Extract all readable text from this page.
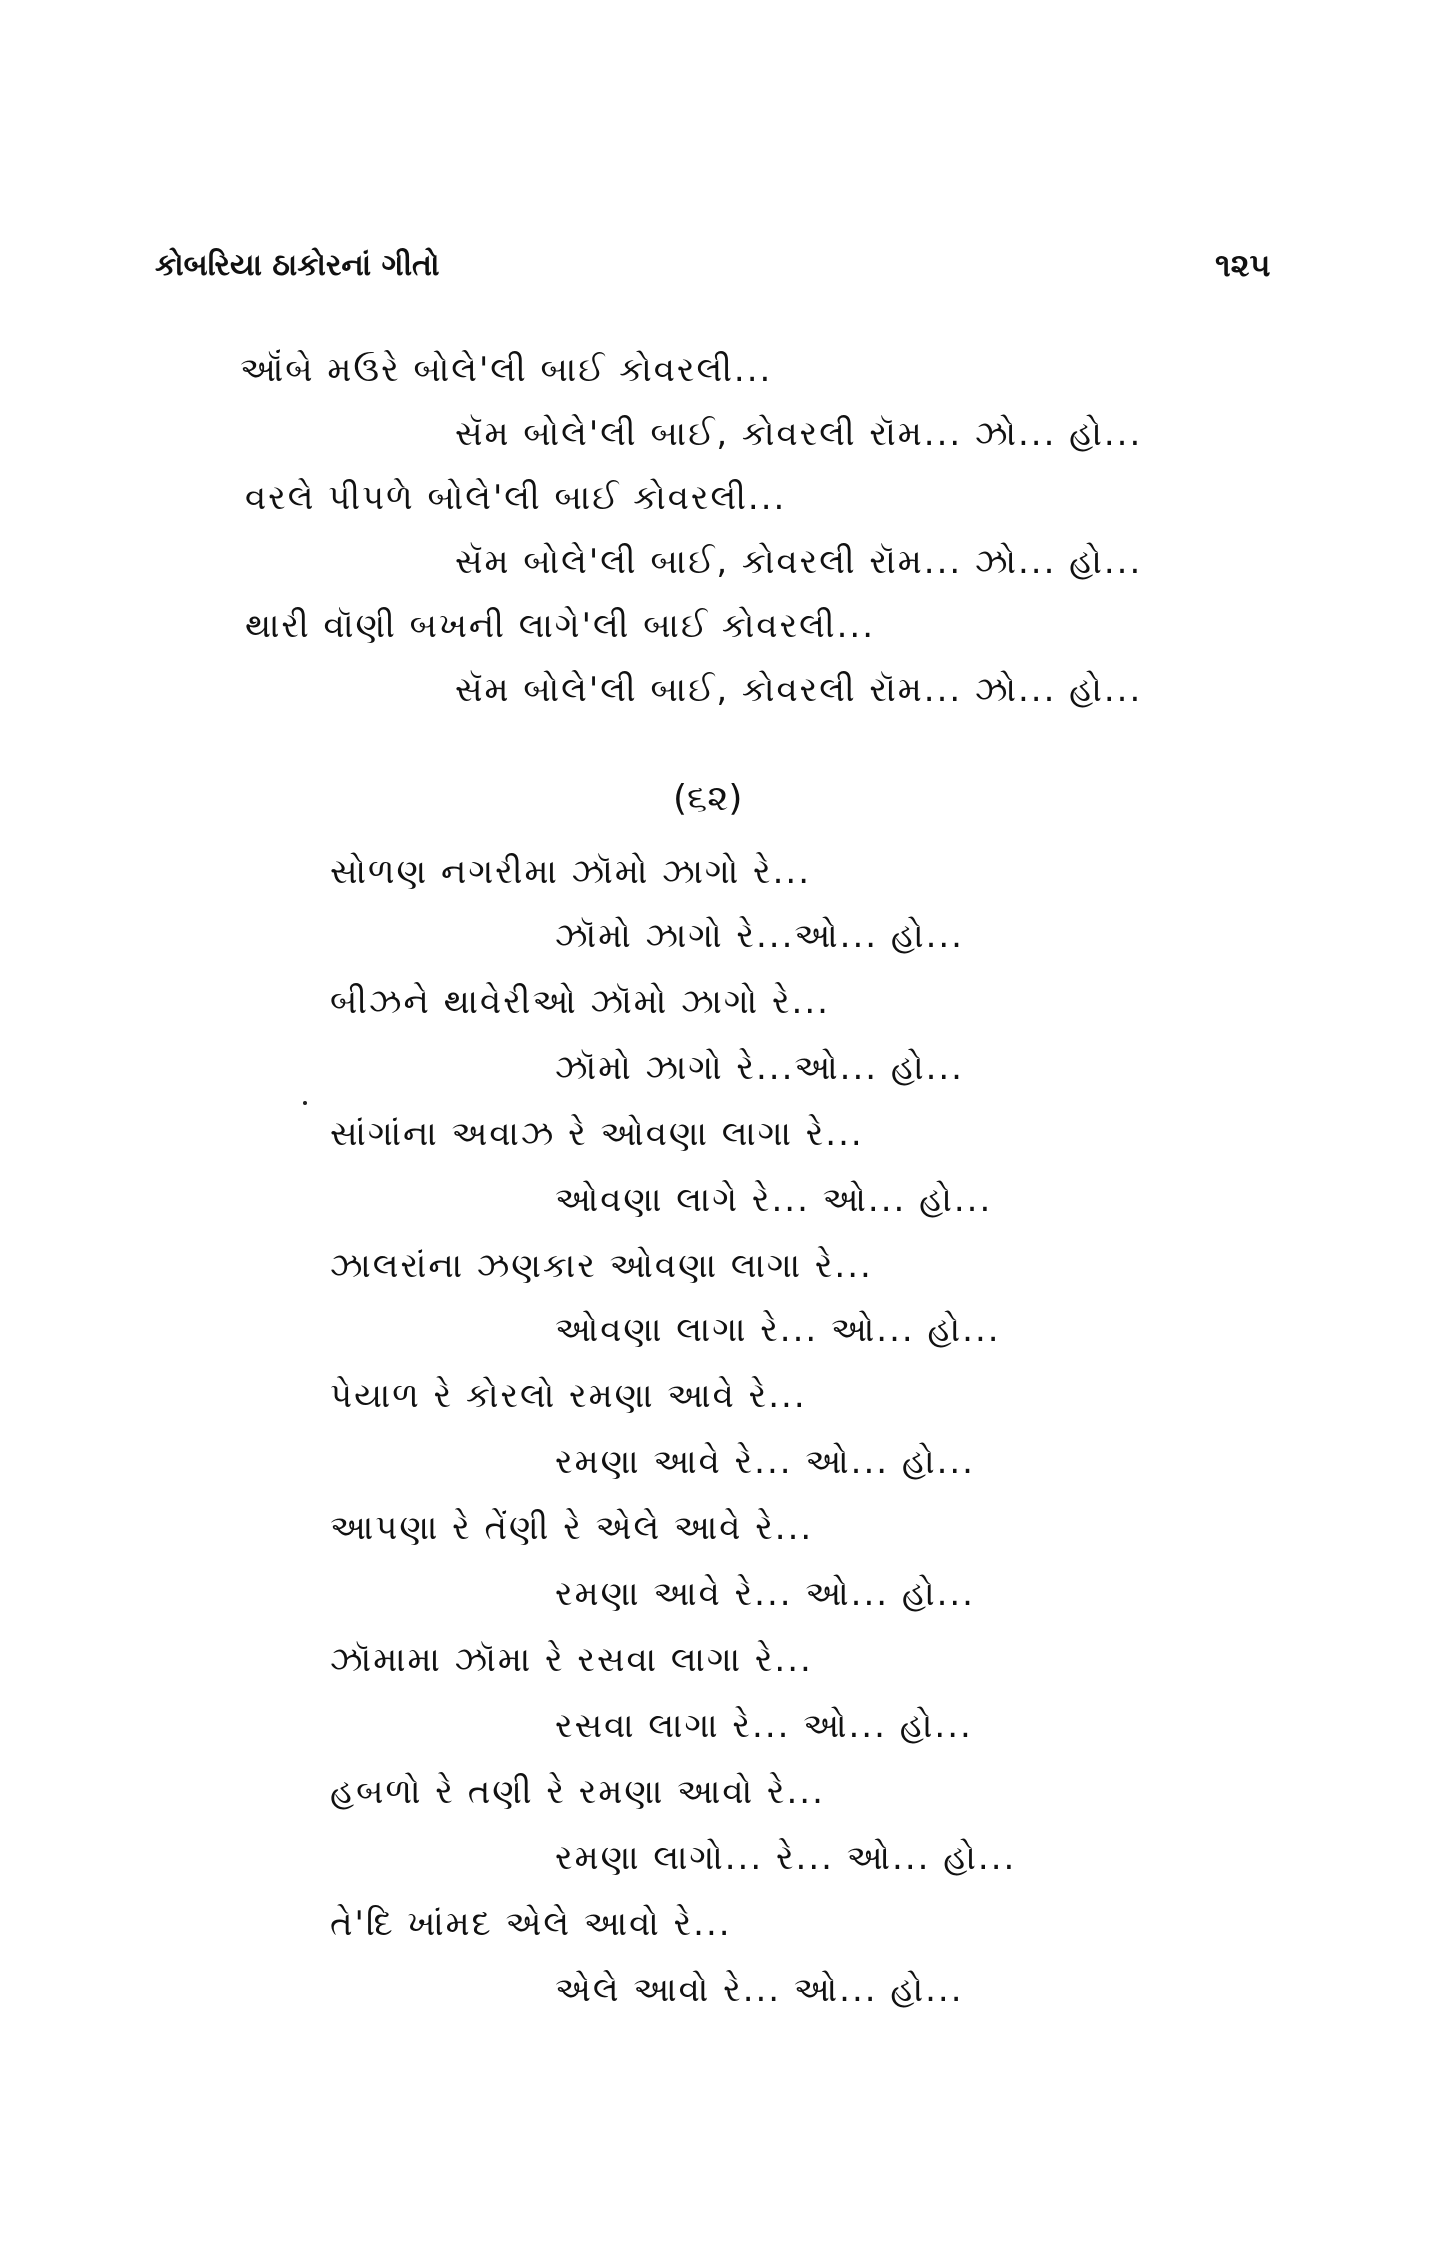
કોબરિયા ઠાકોરનાં ગીતો	૧૨૫
ઑંબે મઉરે બોલે'લી બાઈ કોવરલી...
સૅમ બોલે'લી બાઈ, કોવરલી રૉમ... ઝો... હો...
વરલે પીપળે બોલે'લી બાઈ કોવરલી...
સૅમ બોલે'લી બાઈ, કોવરલી રૉમ... ઝો... હો...
થારી વૉણી બખની લાગે'લી બાઈ કોવરલી...
સૅમ બોલે'લી બાઈ, કોવરલી રૉમ... ઝો... હો...
(૬૨)
સોળણ નગરીમા ઝૉમો ઝાગો રે...
ઝૉમો ઝાગો રે...ઓ... હો...
બીઝને થાવેરીઓ ઝૉમો ઝાગો રે...
ઝૉમો ઝાગો રે...ઓ... હો...
સાંગાંના અવાઝ રે ઓવણા લાગા રે...
ઓવણા લાગે રે... ઓ... હો...
ઝાલરાંના ઝણકાર ઓવણા લાગા રે...
ઓવણા લાગા રે... ઓ... હો...
પેયાળ રે કોરલો રમણા આવે રે...
રમણા આવે રે... ઓ... હો...
આપણા રે તેંણી રે એલે આવે રે...
રમણા આવે રે... ઓ... હો...
ઝૉમામા ઝૉમા રે રસવા લાગા રે...
રસવા લાગા રે... ઓ... હો...
હબળો રે તણી રે રમણા આવો રે...
રમણા લાગો... રે... ઓ... હો...
તે'દિ ખાંમદ એલે આવો રે...
એલે આવો રે... ઓ... હો...
